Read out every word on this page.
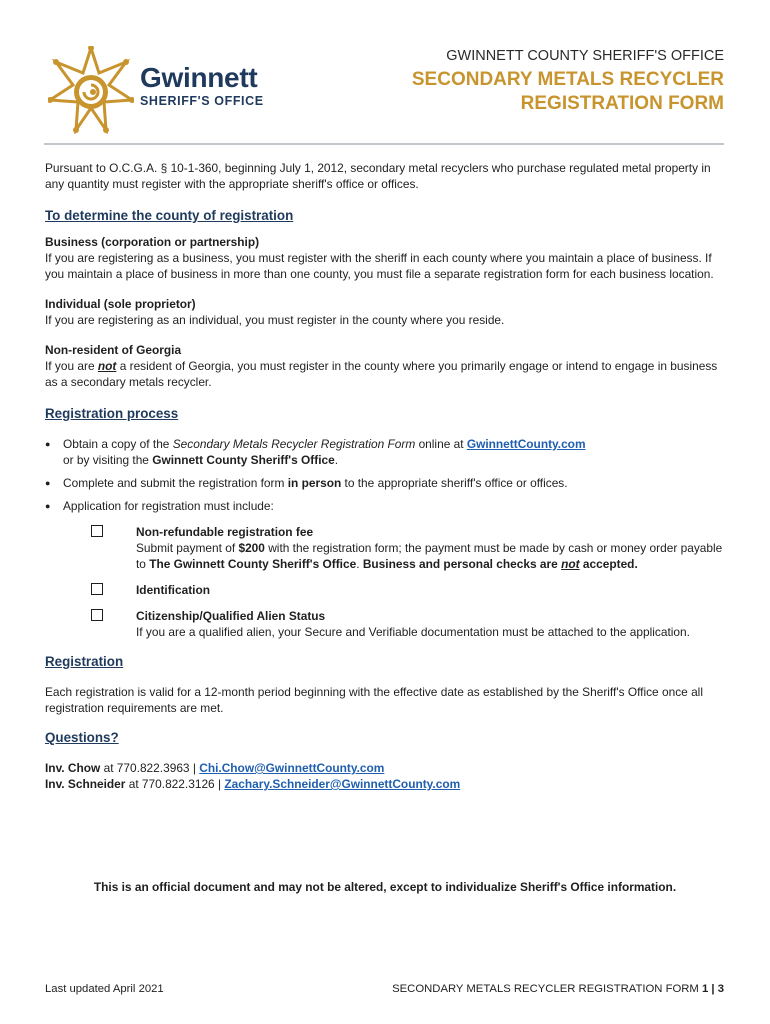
Gwinnett
SHERIFF'S OFFICE
GWINNETT COUNTY SHERIFF'S OFFICE
SECONDARY METALS RECYCLER
REGISTRATION FORM

Pursuant to O.C.G.A. § 10-1-360, beginning July 1, 2012, secondary metal recyclers who purchase regulated metal property in any quantity must register with the appropriate sheriff's office or offices.

To determine the county of registration

Business (corporation or partnership)

If you are registering as a business, you must register with the sheriff in each county where you maintain a place of business. If you maintain a place of business in more than one county, you must file a separate registration form for each business location.

Individual (sole proprietor)

If you are registering as an individual, you must register in the county where you reside.

Non-resident of Georgia

If you are not a resident of Georgia, you must register in the county where you primarily engage or intend to engage in business as a secondary metals recycler.

Registration process

● Obtain a copy of the Secondary Metals Recycler Registration Form online at GwinnettCounty.com

or by visiting the Gwinnett County Sheriff's Office.

● Complete and submit the registration form in person to the appropriate sheriff's office or offices.

● Application for registration must include:

Non-refundable registration fee

Submit payment of $200 with the registration form; the payment must be made by cash or money order payable to The Gwinnett County Sheriff's Office. Business and personal checks are not accepted.

Identification

Citizenship/Qualified Alien Status

If you are a qualified alien, your Secure and Verifiable documentation must be attached to the application.

Registration

Each registration is valid for a 12-month period beginning with the effective date as established by the Sheriff's Office once all registration requirements are met.

Questions?

Inv. Chow at 770.822.3963 | Chi.Chow@GwinnettCounty.com

Inv. Schneider at 770.822.3126 | Zachary.Schneider@GwinnettCounty.com

This is an official document and may not be altered, except to individualize Sheriff's Office information.
Last updated April 2021	SECONDARY METALS RECYCLER REGISTRATION FORM 1 | 3
